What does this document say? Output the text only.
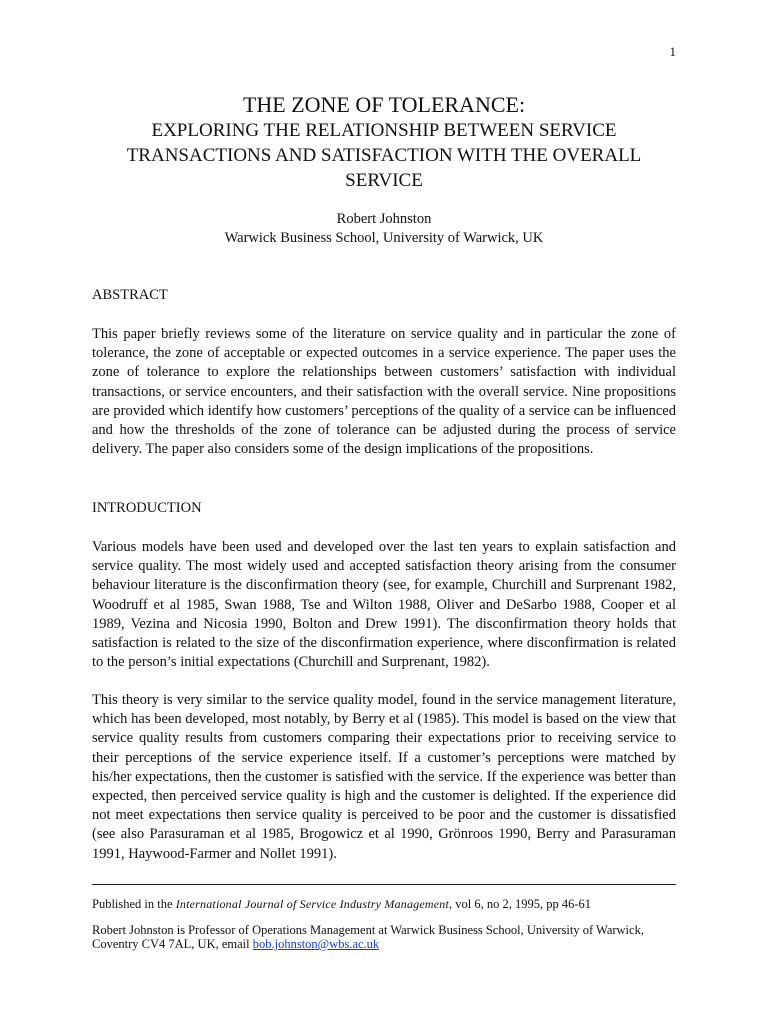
1

THE ZONE OF TOLERANCE:

EXPLORING THE RELATIONSHIP BETWEEN SERVICE TRANSACTIONS AND SATISFACTION WITH THE OVERALL SERVICE

Robert Johnston
Warwick Business School, University of Warwick, UK

ABSTRACT

This paper briefly reviews some of the literature on service quality and in particular the zone of tolerance, the zone of acceptable or expected outcomes in a service experience. The paper uses the zone of tolerance to explore the relationships between customers’ satisfaction with individual transactions, or service encounters, and their satisfaction with the overall service. Nine propositions are provided which identify how customers’ perceptions of the quality of a service can be influenced and how the thresholds of the zone of tolerance can be adjusted during the process of service delivery. The paper also considers some of the design implications of the propositions.

INTRODUCTION

Various models have been used and developed over the last ten years to explain satisfaction and service quality. The most widely used and accepted satisfaction theory arising from the consumer behaviour literature is the disconfirmation theory (see, for example, Churchill and Surprenant 1982, Woodruff et al 1985, Swan 1988, Tse and Wilton 1988, Oliver and DeSarbo 1988, Cooper et al 1989, Vezina and Nicosia 1990, Bolton and Drew 1991). The disconfirmation theory holds that satisfaction is related to the size of the disconfirmation experience, where disconfirmation is related to the person’s initial expectations (Churchill and Surprenant, 1982).

This theory is very similar to the service quality model, found in the service management literature, which has been developed, most notably, by Berry et al (1985). This model is based on the view that service quality results from customers comparing their expectations prior to receiving service to their perceptions of the service experience itself. If a customer’s perceptions were matched by his/her expectations, then the customer is satisfied with the service. If the experience was better than expected, then perceived service quality is high and the customer is delighted. If the experience did not meet expectations then service quality is perceived to be poor and the customer is dissatisfied (see also Parasuraman et al 1985, Brogowicz et al 1990, Grönroos 1990, Berry and Parasuraman 1991, Haywood-Farmer and Nollet 1991).

Published in the International Journal of Service Industry Management, vol 6, no 2, 1995, pp 46-61

Robert Johnston is Professor of Operations Management at Warwick Business School, University of Warwick, Coventry CV4 7AL, UK, email bob.johnston@wbs.ac.uk
